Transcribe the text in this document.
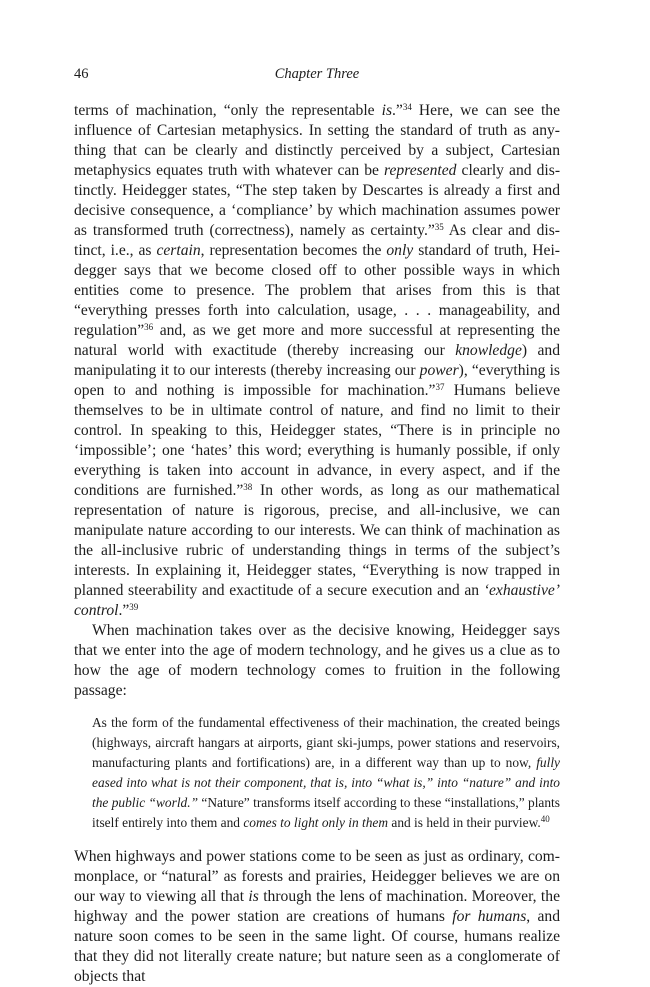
46	Chapter Three

terms of machination, “only the representable is.”$^{34}$ Here, we can see the influence of Cartesian metaphysics. In setting the standard of truth as anything that can be clearly and distinctly perceived by a subject, Cartesian metaphysics equates truth with whatever can be represented clearly and distinctly. Heidegger states, “The step taken by Descartes is already a first and decisive consequence, a ‘compliance’ by which machination assumes power as transformed truth (correctness), namely as certainty.”$^{35}$ As clear and distinct, i.e., as certain, representation becomes the only standard of truth, Heidegger says that we become closed off to other possible ways in which entities come to presence. The problem that arises from this is that “everything presses forth into calculation, usage, . . . manageability, and regulation”$^{36}$ and, as we get more and more successful at representing the natural world with exactitude (thereby increasing our knowledge) and manipulating it to our interests (thereby increasing our power), “everything is open to and nothing is impossible for machination.”$^{37}$ Humans believe themselves to be in ultimate control of nature, and find no limit to their control. In speaking to this, Heidegger states, “There is in principle no ‘impossible’; one ‘hates’ this word; everything is humanly possible, if only everything is taken into account in advance, in every aspect, and if the conditions are furnished.”$^{38}$ In other words, as long as our mathematical representation of nature is rigorous, precise, and all-inclusive, we can manipulate nature according to our interests. We can think of machination as the all-inclusive rubric of understanding things in terms of the subject’s interests. In explaining it, Heidegger states, “Everything is now trapped in planned steerability and exactitude of a secure execution and an ‘exhaustive’ control.”$^{39}$

When machination takes over as the decisive knowing, Heidegger says that we enter into the age of modern technology, and he gives us a clue as to how the age of modern technology comes to fruition in the following passage:

As the form of the fundamental effectiveness of their machination, the created beings (highways, aircraft hangars at airports, giant ski-jumps, power stations and reservoirs, manufacturing plants and fortifications) are, in a different way than up to now, fully eased into what is not their component, that is, into “what is,” into “nature” and into the public “world.” “Nature” transforms itself according to these “installations,” plants itself entirely into them and comes to light only in them and is held in their purview.$^{40}$

When highways and power stations come to be seen as just as ordinary, commonplace, or “natural” as forests and prairies, Heidegger believes we are on our way to viewing all that is through the lens of machination. Moreover, the highway and the power station are creations of humans for humans, and nature soon comes to be seen in the same light. Of course, humans realize that they did not literally create nature; but nature seen as a conglomerate of objects that
